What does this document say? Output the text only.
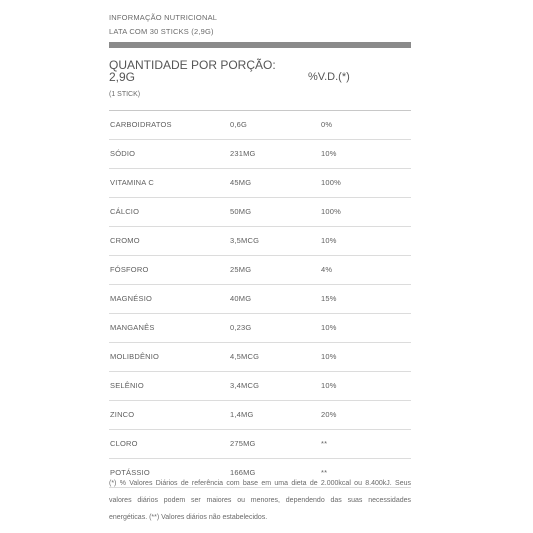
INFORMAÇÃO NUTRICIONAL
LATA COM 30 STICKS (2,9G)
QUANTIDADE POR PORÇÃO:
2,9G
(1 STICK)
%V.D.(*)
CARBOIDRATOS	0,6G	0%
SÓDIO	231MG	10%
VITAMINA C	45MG	100%
CÁLCIO	50MG	100%
CROMO	3,5MCG	10%
FÓSFORO	25MG	4%
MAGNÉSIO	40MG	15%
MANGANÊS	0,23G	10%
MOLIBDÊNIO	4,5MCG	10%
SELÊNIO	3,4MCG	10%
ZINCO	1,4MG	20%
CLORO	275MG	**
POTÁSSIO	166MG	**
(*) % Valores Diários de referência com base em uma dieta de 2.000kcal ou 8.400kJ. Seus valores diários podem ser maiores ou menores, dependendo das suas necessidades energéticas. (**) Valores diários não estabelecidos.
